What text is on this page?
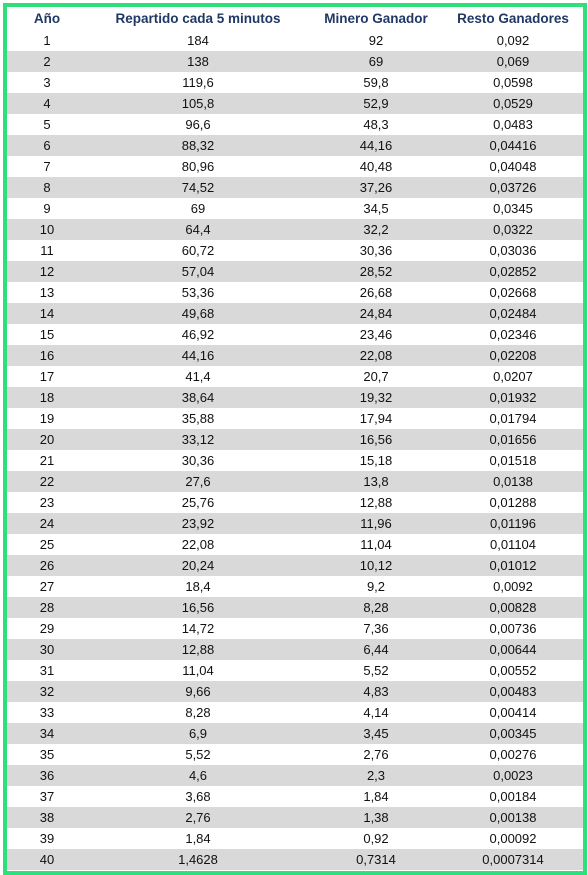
Año	Repartido cada 5 minutos	Minero Ganador	Resto Ganadores
1	184	92	0,092
2	138	69	0,069
3	119,6	59,8	0,0598
4	105,8	52,9	0,0529
5	96,6	48,3	0,0483
6	88,32	44,16	0,04416
7	80,96	40,48	0,04048
8	74,52	37,26	0,03726
9	69	34,5	0,0345
10	64,4	32,2	0,0322
11	60,72	30,36	0,03036
12	57,04	28,52	0,02852
13	53,36	26,68	0,02668
14	49,68	24,84	0,02484
15	46,92	23,46	0,02346
16	44,16	22,08	0,02208
17	41,4	20,7	0,0207
18	38,64	19,32	0,01932
19	35,88	17,94	0,01794
20	33,12	16,56	0,01656
21	30,36	15,18	0,01518
22	27,6	13,8	0,0138
23	25,76	12,88	0,01288
24	23,92	11,96	0,01196
25	22,08	11,04	0,01104
26	20,24	10,12	0,01012
27	18,4	9,2	0,0092
28	16,56	8,28	0,00828
29	14,72	7,36	0,00736
30	12,88	6,44	0,00644
31	11,04	5,52	0,00552
32	9,66	4,83	0,00483
33	8,28	4,14	0,00414
34	6,9	3,45	0,00345
35	5,52	2,76	0,00276
36	4,6	2,3	0,0023
37	3,68	1,84	0,00184
38	2,76	1,38	0,00138
39	1,84	0,92	0,00092
40	1,4628	0,7314	0,0007314
